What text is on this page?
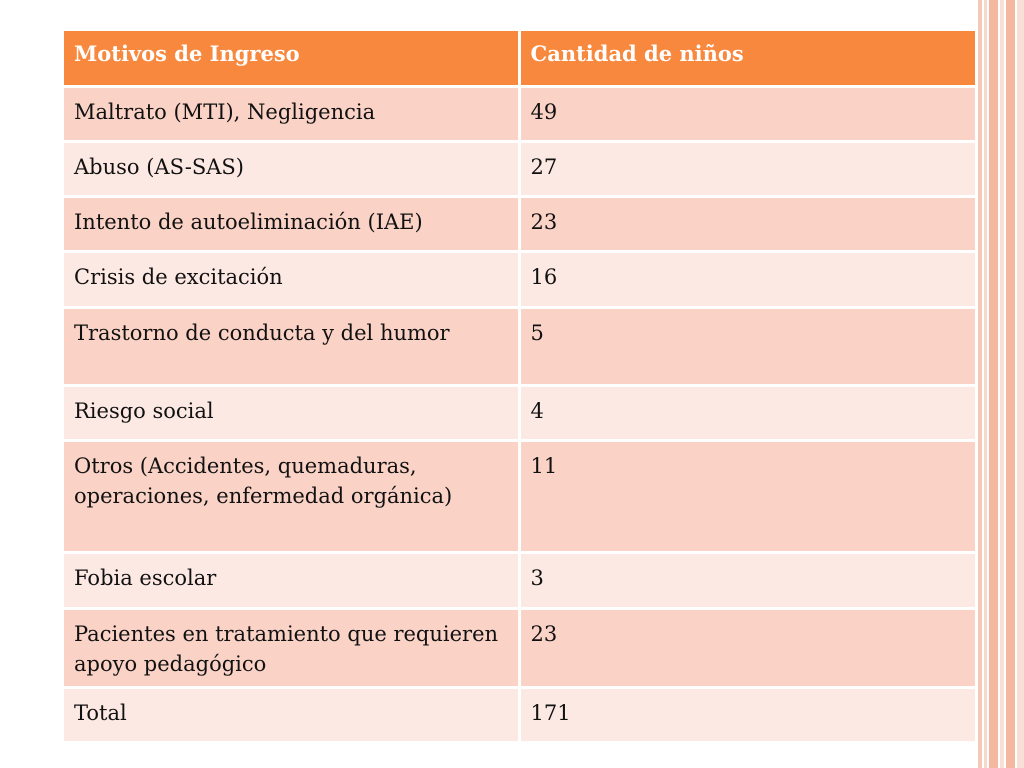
Motivos de Ingreso	Cantidad de niños
Maltrato (MTI), Negligencia	49
Abuso (AS-SAS)	27
Intento de autoeliminación (IAE)	23
Crisis de excitación	16
Trastorno de conducta y del humor	5
Riesgo social	4
Otros (Accidentes, quemaduras, operaciones, enfermedad orgánica)	11
Fobia escolar	3
Pacientes en tratamiento que requieren apoyo pedagógico	23
Total	171
